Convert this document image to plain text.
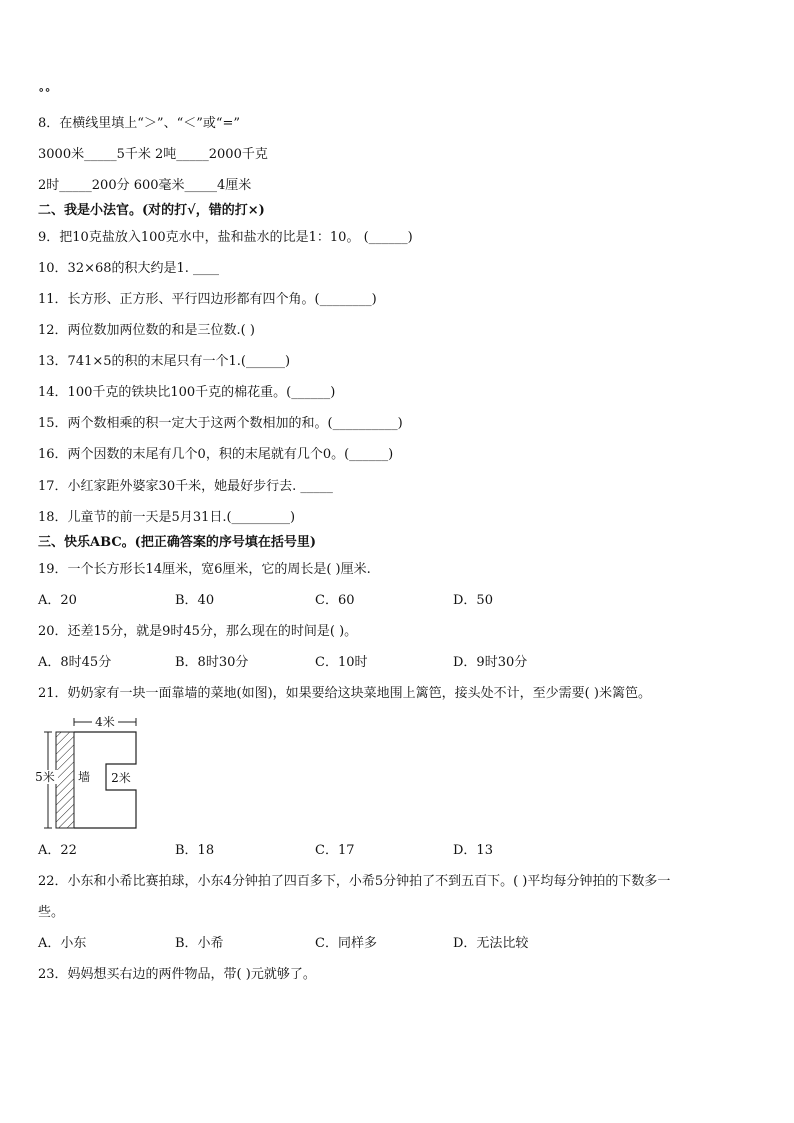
∘∘
8．在横线里填上“＞”、“＜”或“=”
3000米_____5千米 2吨_____2000千克
2时_____200分 600毫米_____4厘米
二、我是小法官。(对的打√，错的打×)
9．把10克盐放入100克水中，盐和盐水的比是1：10。 (______)
10．32×68的积大约是1. ____
11．长方形、正方形、平行四边形都有四个角。(________)
12．两位数加两位数的和是三位数.( )
13．741×5的积的末尾只有一个1.(______)
14．100千克的铁块比100千克的棉花重。(______)
15．两个数相乘的积一定大于这两个数相加的和。(__________)
16．两个因数的末尾有几个0，积的末尾就有几个0。(______)
17．小红家距外婆家30千米，她最好步行去. _____
18．儿童节的前一天是5月31日.(_________)
三、快乐ABC。(把正确答案的序号填在括号里)
19．一个长方形长14厘米，宽6厘米，它的周长是( )厘米.
A．20	B．40	C．60	D．50
20．还差15分，就是9时45分，那么现在的时间是( )。
A．8时45分	B．8时30分	C．10时	D．9时30分
21．奶奶家有一块一面靠墙的菜地(如图)，如果要给这块菜地围上篱笆，接头处不计，至少需要( )米篱笆。
4米
5米 墙 2米
A．22	B．18	C．17	D．13
22．小东和小希比赛拍球，小东4分钟拍了四百多下，小希5分钟拍了不到五百下。( )平均每分钟拍的下数多一
些。
A．小东	B．小希	C．同样多	D．无法比较
23．妈妈想买右边的两件物品，带( )元就够了。
